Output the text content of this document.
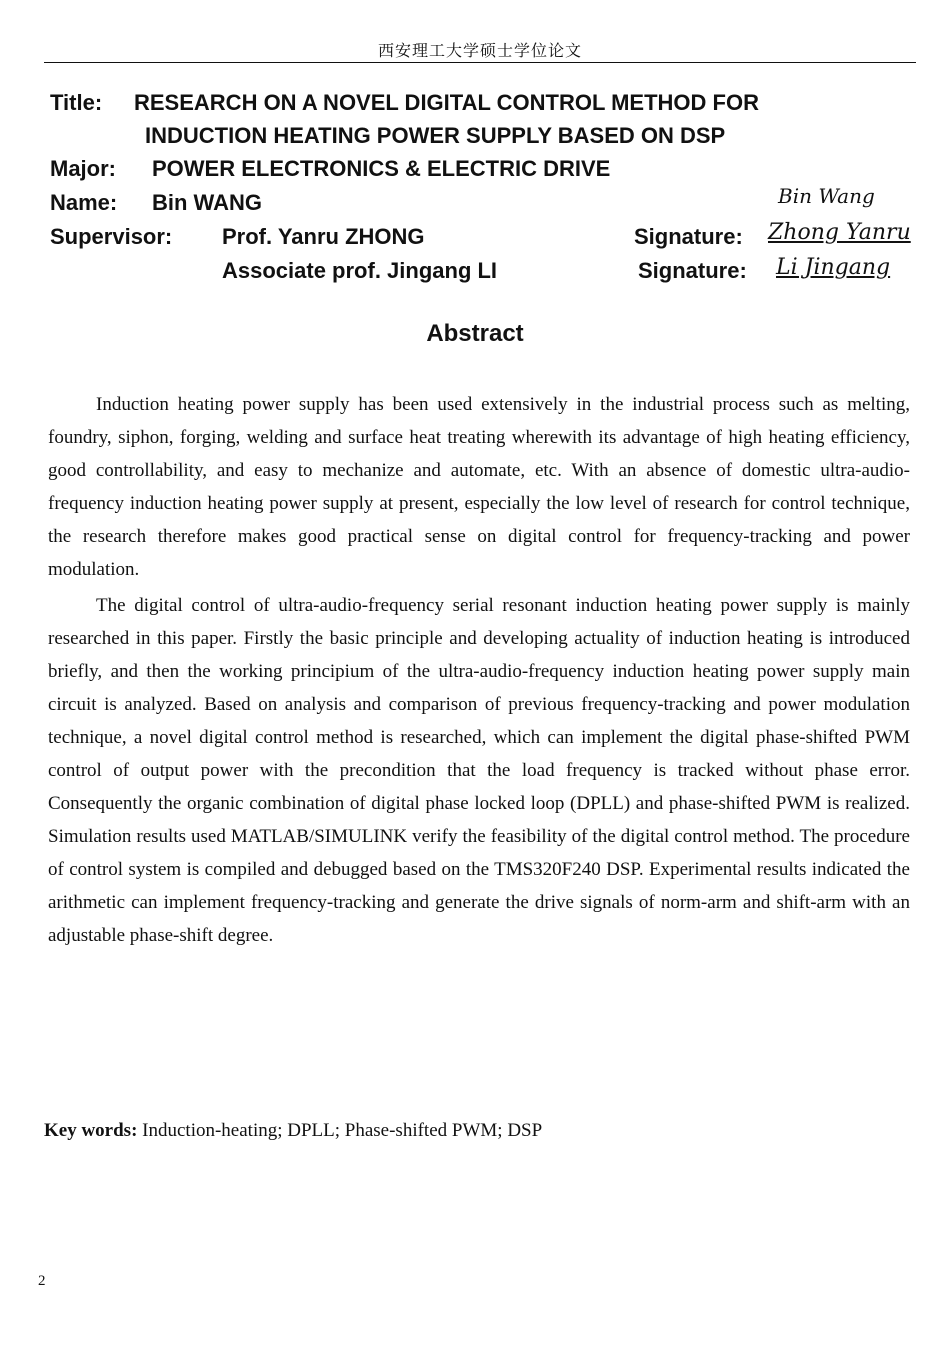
西安理工大学硕士学位论文
Title: RESEARCH ON A NOVEL DIGITAL CONTROL METHOD FOR
INDUCTION HEATING POWER SUPPLY BASED ON DSP
Major: POWER ELECTRONICS & ELECTRIC DRIVE
Name: Bin WANG	Bin Wang
Supervisor: Prof. Yanru ZHONG	Signature: Zhong Yanru
Associate prof. Jingang LI	Signature: Li Jingang
Abstract

Induction heating power supply has been used extensively in the industrial process such as melting, foundry, siphon, forging, welding and surface heat treating wherewith its advantage of high heating efficiency, good controllability, and easy to mechanize and automate, etc. With an absence of domestic ultra-audio-frequency induction heating power supply at present, especially the low level of research for control technique, the research therefore makes good practical sense on digital control for frequency-tracking and power modulation.

The digital control of ultra-audio-frequency serial resonant induction heating power supply is mainly researched in this paper. Firstly the basic principle and developing actuality of induction heating is introduced briefly, and then the working principium of the ultra-audio-frequency induction heating power supply main circuit is analyzed. Based on analysis and comparison of previous frequency-tracking and power modulation technique, a novel digital control method is researched, which can implement the digital phase-shifted PWM control of output power with the precondition that the load frequency is tracked without phase error. Consequently the organic combination of digital phase locked loop (DPLL) and phase-shifted PWM is realized. Simulation results used MATLAB/SIMULINK verify the feasibility of the digital control method. The procedure of control system is compiled and debugged based on the TMS320F240 DSP. Experimental results indicated the arithmetic can implement frequency-tracking and generate the drive signals of norm-arm and shift-arm with an adjustable phase-shift degree.

Key words: Induction-heating; DPLL; Phase-shifted PWM; DSP
2
